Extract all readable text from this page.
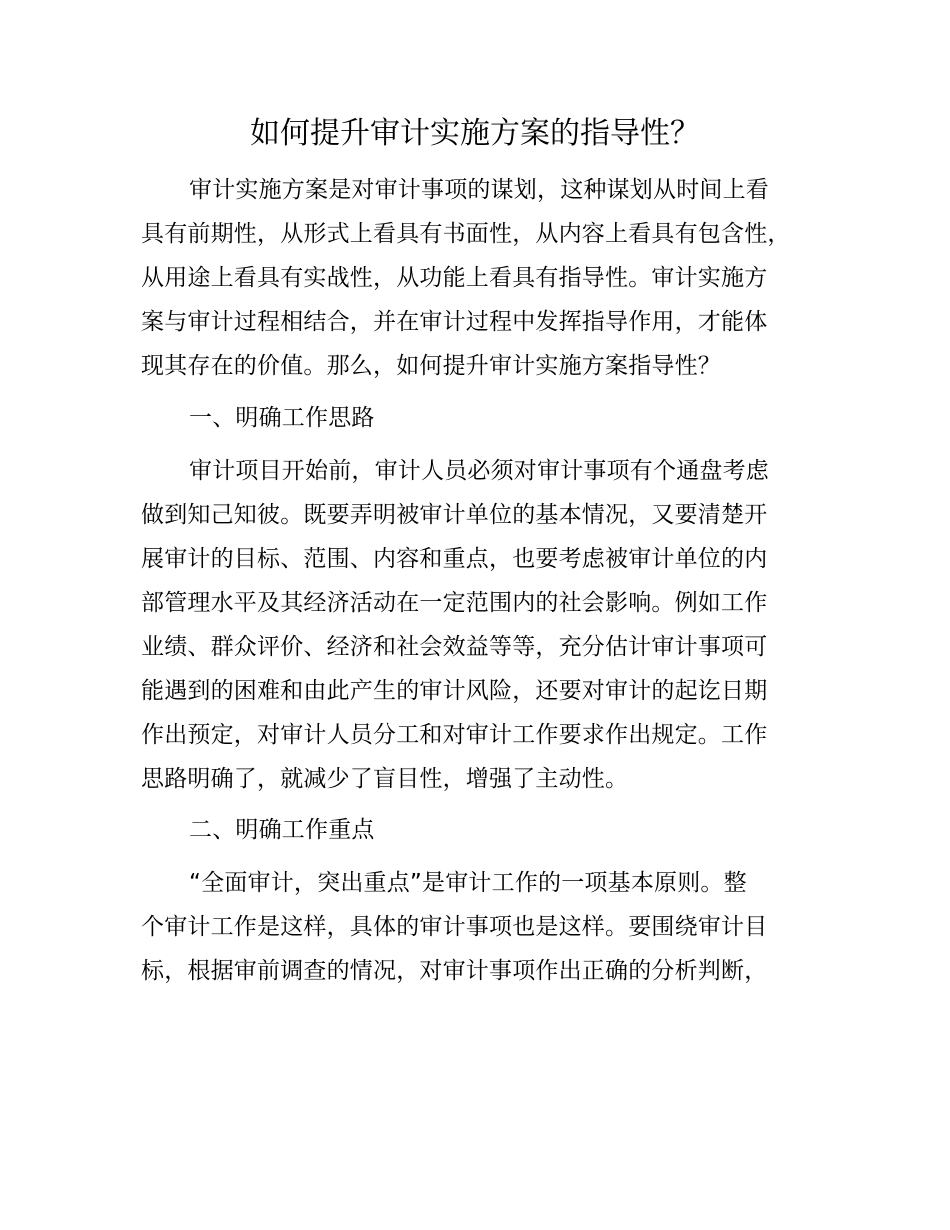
如何提升审计实施方案的指导性？
审计实施方案是对审计事项的谋划，这种谋划从时间上看
具有前期性，从形式上看具有书面性，从内容上看具有包含性，
从用途上看具有实战性，从功能上看具有指导性。审计实施方
案与审计过程相结合，并在审计过程中发挥指导作用，才能体
现其存在的价值。那么，如何提升审计实施方案指导性？
一、明确工作思路
审计项目开始前，审计人员必须对审计事项有个通盘考虑
做到知己知彼。既要弄明被审计单位的基本情况，又要清楚开
展审计的目标、范围、内容和重点，也要考虑被审计单位的内
部管理水平及其经济活动在一定范围内的社会影响。例如工作
业绩、群众评价、经济和社会效益等等，充分估计审计事项可
能遇到的困难和由此产生的审计风险，还要对审计的起讫日期
作出预定，对审计人员分工和对审计工作要求作出规定。工作
思路明确了，就减少了盲目性，增强了主动性。
二、明确工作重点
“全面审计，突出重点”是审计工作的一项基本原则。整
个审计工作是这样，具体的审计事项也是这样。要围绕审计目
标，根据审前调查的情况，对审计事项作出正确的分析判断，
